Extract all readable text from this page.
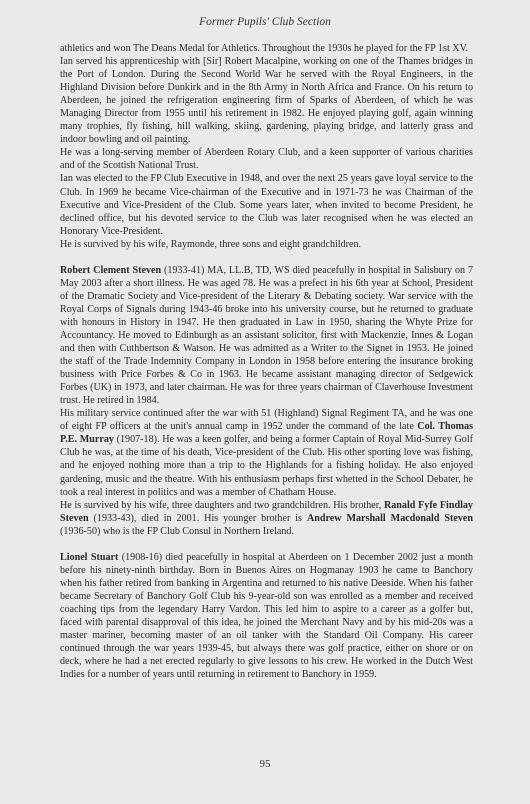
Former Pupils' Club Section

athletics and won The Deans Medal for Athletics. Throughout the 1930s he played for the FP 1st XV.

Ian served his apprenticeship with [Sir] Robert Macalpine, working on one of the Thames bridges in the Port of London. During the Second World War he served with the Royal Engineers, in the Highland Division before Dunkirk and in the 8th Army in North Africa and France. On his return to Aberdeen, he joined the refrigeration engineering firm of Sparks of Aberdeen, of which he was Managing Director from 1955 until his retirement in 1982. He enjoyed playing golf, again winning many trophies, fly fishing, hill walking, skiing, gardening, playing bridge, and latterly grass and indoor bowling and oil painting.

He was a long-serving member of Aberdeen Rotary Club, and a keen supporter of various charities and of the Scottish National Trust.

Ian was elected to the FP Club Executive in 1948, and over the next 25 years gave loyal service to the Club. In 1969 he became Vice-chairman of the Executive and in 1971-73 he was Chairman of the Executive and Vice-President of the Club. Some years later, when invited to become President, he declined office, but his devoted service to the Club was later recognised when he was elected an Honorary Vice-President.

He is survived by his wife, Raymonde, three sons and eight grandchildren.

Robert Clement Steven (1933-41) MA, LL.B, TD, WS died peacefully in hospital in Salisbury on 7 May 2003 after a short illness. He was aged 78. He was a prefect in his 6th year at School, President of the Dramatic Society and Vice-president of the Literary & Debating society. War service with the Royal Corps of Signals during 1943-46 broke into his university course, but he returned to graduate with honours in History in 1947. He then graduated in Law in 1950, sharing the Whyte Prize for Accountancy. He moved to Edinburgh as an assistant solicitor, first with Mackenzie, Innes & Logan and then with Cuthbertson & Watson. He was admitted as a Writer to the Signet in 1953. He joined the staff of the Trade Indemnity Company in London in 1958 before entering the insurance broking business with Price Forbes & Co in 1963. He became assistant managing director of Sedgewick Forbes (UK) in 1973, and later chairman. He was for three years chairman of Claverhouse Investment trust. He retired in 1984.

His military service continued after the war with 51 (Highland) Signal Regiment TA, and he was one of eight FP officers at the unit's annual camp in 1952 under the command of the late Col. Thomas P.E. Murray (1907-18). He was a keen golfer, and being a former Captain of Royal Mid-Surrey Golf Club he was, at the time of his death, Vice-president of the Club. His other sporting love was fishing, and he enjoyed nothing more than a trip to the Highlands for a fishing holiday. He also enjoyed gardening, music and the theatre. With his enthusiasm perhaps first whetted in the School Debater, he took a real interest in politics and was a member of Chatham House.

He is survived by his wife, three daughters and two grandchildren. His brother, Ranald Fyfe Findlay Steven (1933-43), died in 2001. His younger brother is Andrew Marshall Macdonald Steven (1936-50) who is the FP Club Consul in Northern Ireland.

Lionel Stuart (1908-16) died peacefully in hospital at Aberdeen on 1 December 2002 just a month before his ninety-ninth birthday. Born in Buenos Aires on Hogmanay 1903 he came to Banchory when his father retired from banking in Argentina and returned to his native Deeside. When his father became Secretary of Banchory Golf Club his 9-year-old son was enrolled as a member and received coaching tips from the legendary Harry Vardon. This led him to aspire to a career as a golfer but, faced with parental disapproval of this idea, he joined the Merchant Navy and by his mid-20s was a master mariner, becoming master of an oil tanker with the Standard Oil Company. His career continued through the war years 1939-45, but always there was golf practice, either on shore or on deck, where he had a net erected regularly to give lessons to his crew. He worked in the Dutch West Indies for a number of years until returning in retirement to Banchory in 1959.

95
